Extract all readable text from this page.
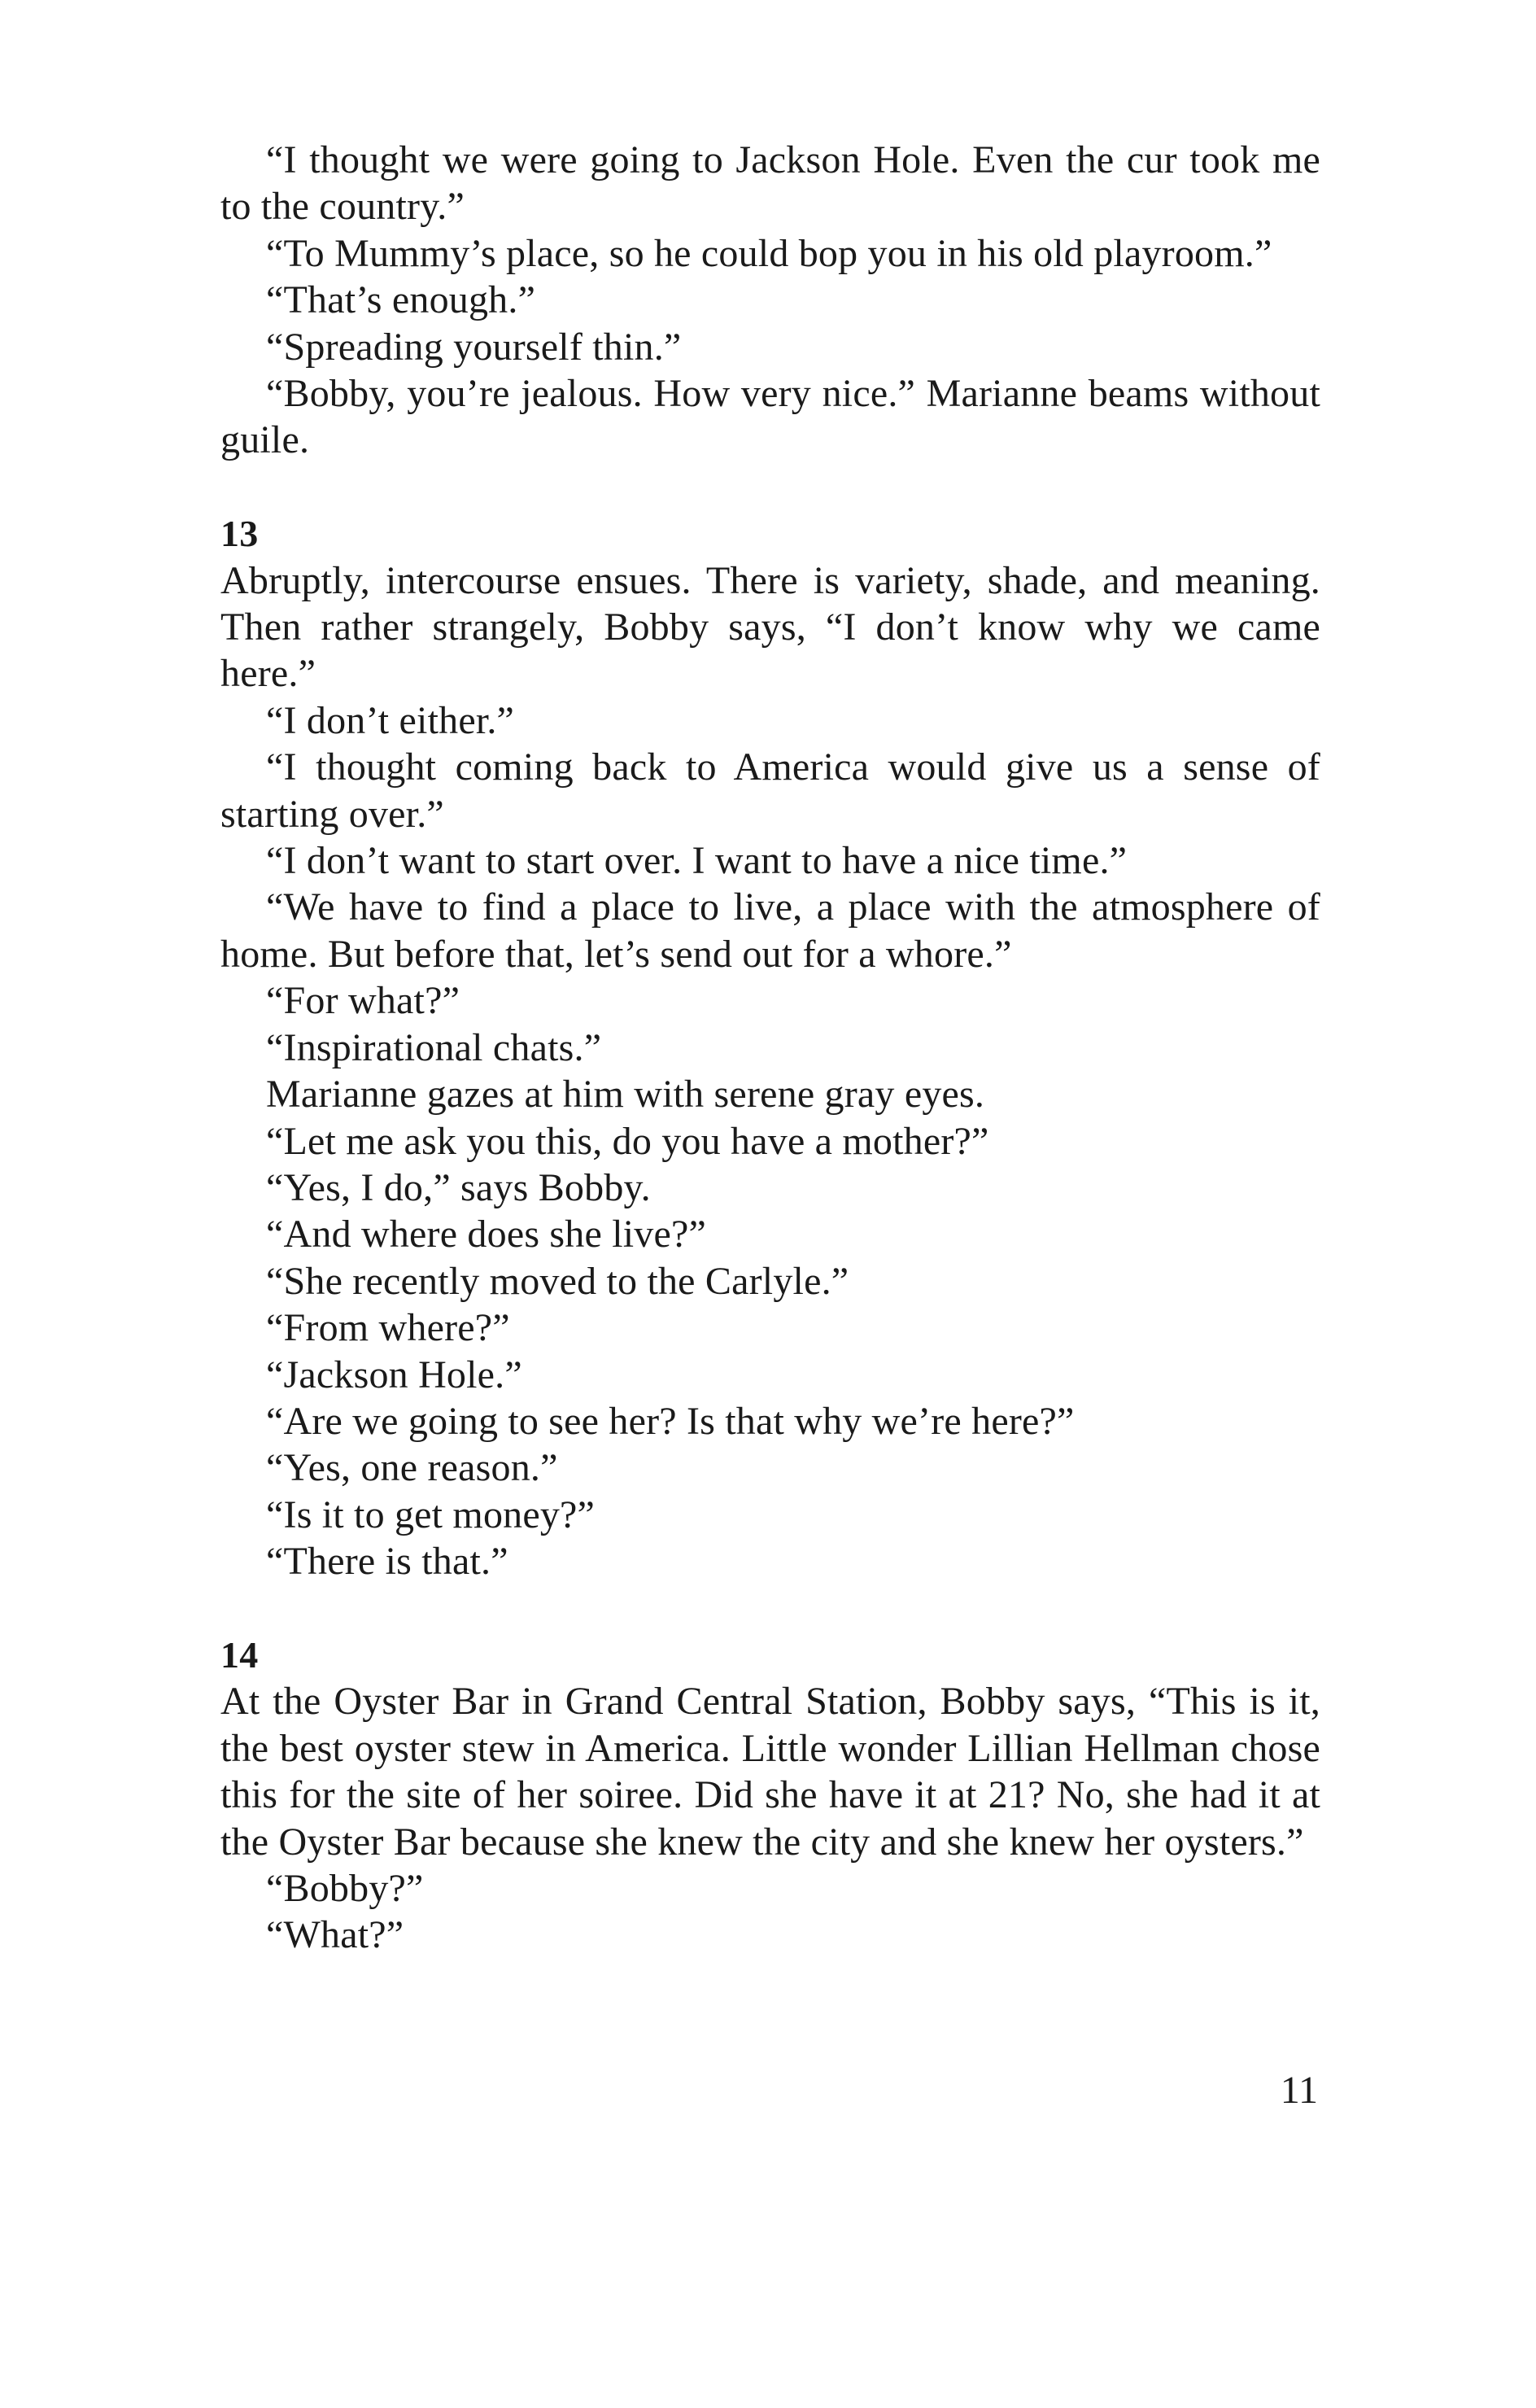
“I thought we were going to Jackson Hole. Even the cur took me to the country.”

“To Mummy’s place, so he could bop you in his old playroom.”

“That’s enough.”

“Spreading yourself thin.”

“Bobby, you’re jealous. How very nice.” Marianne beams without guile.

13

Abruptly, intercourse ensues. There is variety, shade, and meaning. Then rather strangely, Bobby says, “I don’t know why we came here.”

“I don’t either.”

“I thought coming back to America would give us a sense of starting over.”

“I don’t want to start over. I want to have a nice time.”

“We have to find a place to live, a place with the atmosphere of home. But before that, let’s send out for a whore.”

“For what?”

“Inspirational chats.”

Marianne gazes at him with serene gray eyes.

“Let me ask you this, do you have a mother?”

“Yes, I do,” says Bobby.

“And where does she live?”

“She recently moved to the Carlyle.”

“From where?”

“Jackson Hole.”

“Are we going to see her? Is that why we’re here?”

“Yes, one reason.”

“Is it to get money?”

“There is that.”

14

At the Oyster Bar in Grand Central Station, Bobby says, “This is it, the best oyster stew in America. Little wonder Lillian Hellman chose this for the site of her soiree. Did she have it at 21? No, she had it at the Oyster Bar because she knew the city and she knew her oysters.”

“Bobby?”

“What?”

11
